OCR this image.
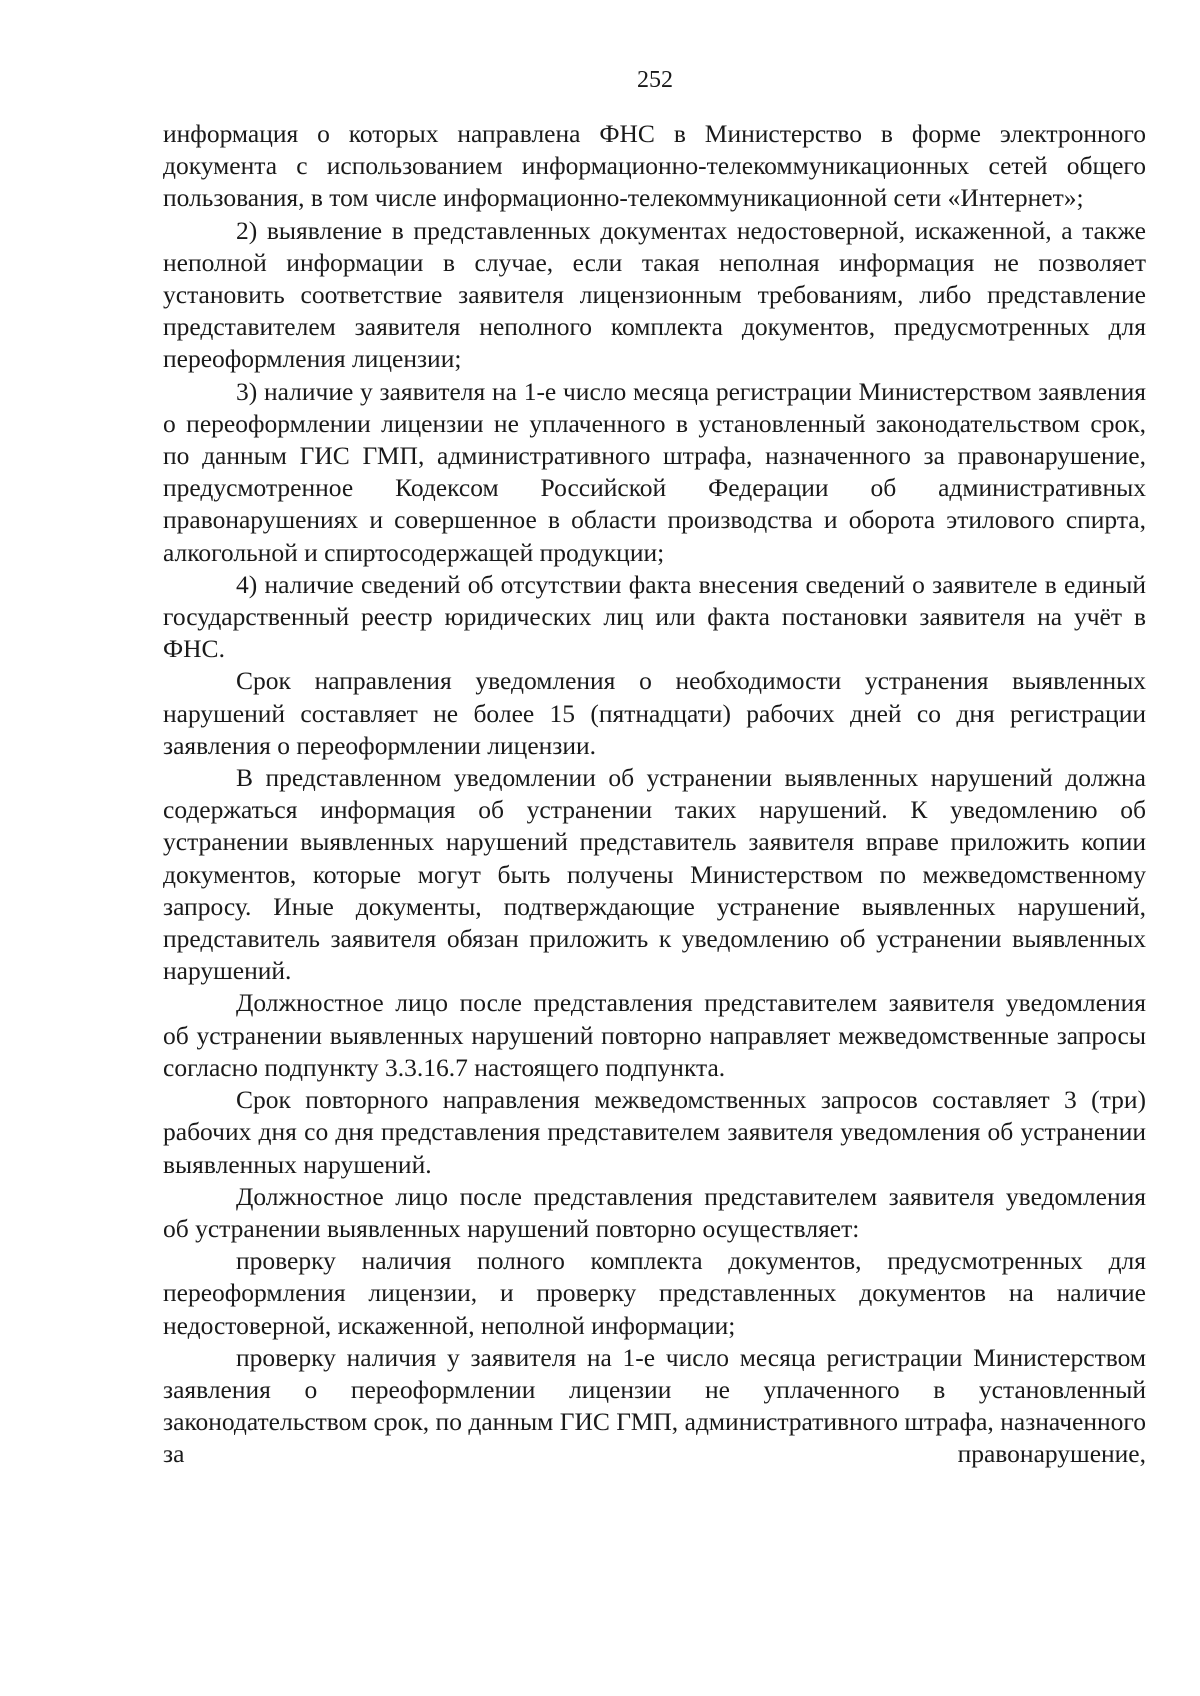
252

информация о которых направлена ФНС в Министерство в форме электронного документа с использованием информационно-телекоммуникационных сетей общего пользования, в том числе информационно-телекоммуникационной сети «Интернет»;

2) выявление в представленных документах недостоверной, искаженной, а также неполной информации в случае, если такая неполная информация не позволяет установить соответствие заявителя лицензионным требованиям, либо представление представителем заявителя неполного комплекта документов, предусмотренных для переоформления лицензии;

3) наличие у заявителя на 1-е число месяца регистрации Министерством заявления о переоформлении лицензии не уплаченного в установленный законодательством срок, по данным ГИС ГМП, административного штрафа, назначенного за правонарушение, предусмотренное Кодексом Российской Федерации об административных правонарушениях и совершенное в области производства и оборота этилового спирта, алкогольной и спиртосодержащей продукции;

4) наличие сведений об отсутствии факта внесения сведений о заявителе в единый государственный реестр юридических лиц или факта постановки заявителя на учёт в ФНС.

Срок направления уведомления о необходимости устранения выявленных нарушений составляет не более 15 (пятнадцати) рабочих дней со дня регистрации заявления о переоформлении лицензии.

В представленном уведомлении об устранении выявленных нарушений должна содержаться информация об устранении таких нарушений. К уведомлению об устранении выявленных нарушений представитель заявителя вправе приложить копии документов, которые могут быть получены Министерством по межведомственному запросу. Иные документы, подтверждающие устранение выявленных нарушений, представитель заявителя обязан приложить к уведомлению об устранении выявленных нарушений.

Должностное лицо после представления представителем заявителя уведомления об устранении выявленных нарушений повторно направляет межведомственные запросы согласно подпункту 3.3.16.7 настоящего подпункта.

Срок повторного направления межведомственных запросов составляет 3 (три) рабочих дня со дня представления представителем заявителя уведомления об устранении выявленных нарушений.

Должностное лицо после представления представителем заявителя уведомления об устранении выявленных нарушений повторно осуществляет:

проверку наличия полного комплекта документов, предусмотренных для переоформления лицензии, и проверку представленных документов на наличие недостоверной, искаженной, неполной информации;

проверку наличия у заявителя на 1-е число месяца регистрации Министерством заявления о переоформлении лицензии не уплаченного в установленный законодательством срок, по данным ГИС ГМП, административного штрафа, назначенного за правонарушение,
